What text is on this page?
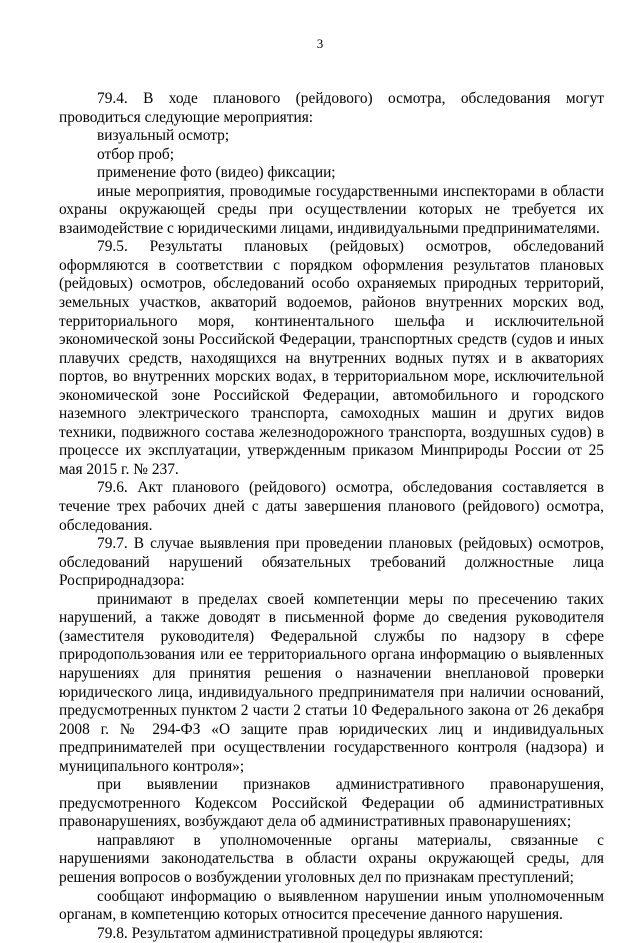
3

79.4. В ходе планового (рейдового) осмотра, обследования могут проводиться следующие мероприятия:

визуальный осмотр;

отбор проб;

применение фото (видео) фиксации;

иные мероприятия, проводимые государственными инспекторами в области охраны окружающей среды при осуществлении которых не требуется их взаимодействие с юридическими лицами, индивидуальными предпринимателями.

79.5. Результаты плановых (рейдовых) осмотров, обследований оформляются в соответствии с порядком оформления результатов плановых (рейдовых) осмотров, обследований особо охраняемых природных территорий, земельных участков, акваторий водоемов, районов внутренних морских вод, территориального моря, континентального шельфа и исключительной экономической зоны Российской Федерации, транспортных средств (судов и иных плавучих средств, находящихся на внутренних водных путях и в акваториях портов, во внутренних морских водах, в территориальном море, исключительной экономической зоне Российской Федерации, автомобильного и городского наземного электрического транспорта, самоходных машин и других видов техники, подвижного состава железнодорожного транспорта, воздушных судов) в процессе их эксплуатации, утвержденным приказом Минприроды России от 25 мая 2015 г. № 237.

79.6. Акт планового (рейдового) осмотра, обследования составляется в течение трех рабочих дней с даты завершения планового (рейдового) осмотра, обследования.

79.7. В случае выявления при проведении плановых (рейдовых) осмотров, обследований нарушений обязательных требований должностные лица Росприроднадзора:

принимают в пределах своей компетенции меры по пресечению таких нарушений, а также доводят в письменной форме до сведения руководителя (заместителя руководителя) Федеральной службы по надзору в сфере природопользования или ее территориального органа информацию о выявленных нарушениях для принятия решения о назначении внеплановой проверки юридического лица, индивидуального предпринимателя при наличии оснований, предусмотренных пунктом 2 части 2 статьи 10 Федерального закона от 26 декабря 2008 г. № 294-ФЗ «О защите прав юридических лиц и индивидуальных предпринимателей при осуществлении государственного контроля (надзора) и муниципального контроля»;

при выявлении признаков административного правонарушения, предусмотренного Кодексом Российской Федерации об административных правонарушениях, возбуждают дела об административных правонарушениях;

направляют в уполномоченные органы материалы, связанные с нарушениями законодательства в области охраны окружающей среды, для решения вопросов о возбуждении уголовных дел по признакам преступлений;

сообщают информацию о выявленном нарушении иным уполномоченным органам, в компетенцию которых относится пресечение данного нарушения.

79.8. Результатом административной процедуры являются:
